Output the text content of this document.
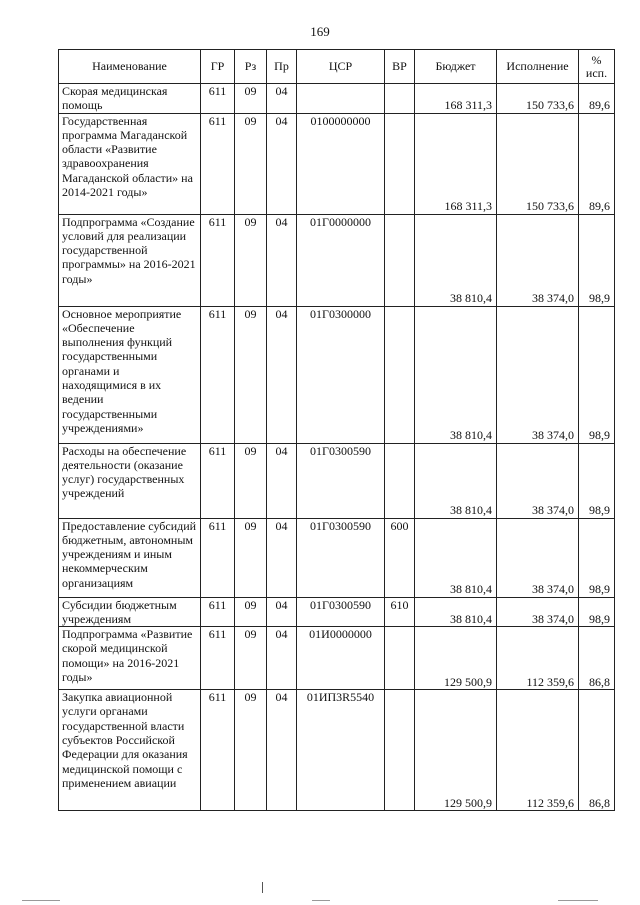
169
Наименование	ГР	Рз	Пр	ЦСР	ВР	Бюджет	Исполнение	%
исп.

Скорая медицинская помощь	611	09	04			168 311,3	150 733,6	89,6
Государственная программа Магаданской области «Развитие здравоохранения Магаданской области» на 2014-2021 годы»	611	09	04	0100000000		168 311,3	150 733,6	89,6
Подпрограмма «Создание условий для реализации государственной программы» на 2016-2021 годы»	611	09	04	01Г0000000		38 810,4	38 374,0	98,9
Основное мероприятие «Обеспечение выполнения функций государственными органами и находящимися в их ведении государственными учреждениями»	611	09	04	01Г0300000		38 810,4	38 374,0	98,9
Расходы на обеспечение деятельности (оказание услуг) государственных учреждений	611	09	04	01Г0300590		38 810,4	38 374,0	98,9
Предоставление субсидий бюджетным, автономным учреждениям и иным некоммерческим организациям	611	09	04	01Г0300590	600	38 810,4	38 374,0	98,9
Субсидии бюджетным учреждениям	611	09	04	01Г0300590	610	38 810,4	38 374,0	98,9
Подпрограмма «Развитие скорой медицинской помощи» на 2016-2021 годы»	611	09	04	01И0000000		129 500,9	112 359,6	86,8
Закупка авиационной услуги органами государственной власти субъектов Российской Федерации для оказания медицинской помощи с применением авиации	611	09	04	01ИП3R5540		129 500,9	112 359,6	86,8
